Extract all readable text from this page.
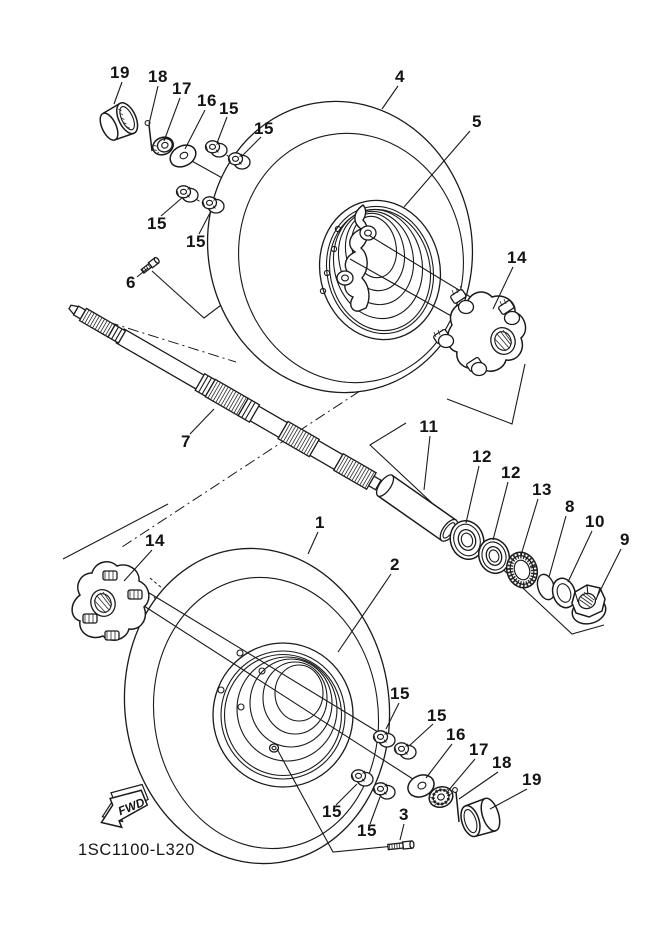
FWD
19 18
17
16 15
15
15
15
4
5
14
6
7
11
12
12
13
8
10
9
14
1
2
15
15
16
17
18
19
15
15
3
1SC1100-L320
